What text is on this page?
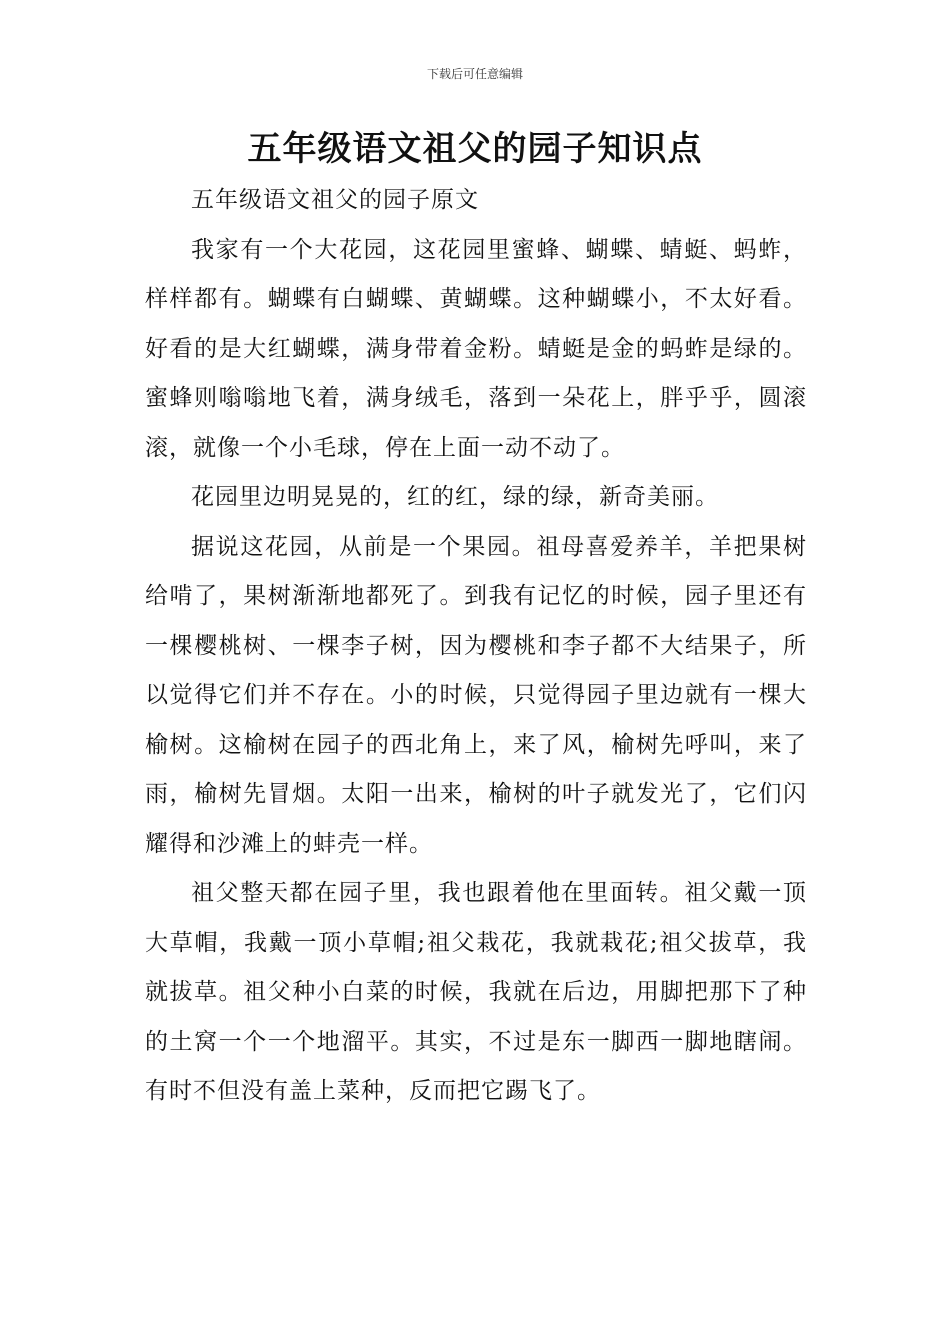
下载后可任意编辑
五年级语文祖父的园子知识点

五年级语文祖父的园子原文

我家有一个大花园，这花园里蜜蜂、蝴蝶、蜻蜓、蚂蚱，样样都有。蝴蝶有白蝴蝶、黄蝴蝶。这种蝴蝶小，不太好看。好看的是大红蝴蝶，满身带着金粉。蜻蜓是金的蚂蚱是绿的。蜜蜂则嗡嗡地飞着，满身绒毛，落到一朵花上，胖乎乎，圆滚滚，就像一个小毛球，停在上面一动不动了。

花园里边明晃晃的，红的红，绿的绿，新奇美丽。

据说这花园，从前是一个果园。祖母喜爱养羊，羊把果树给啃了，果树渐渐地都死了。到我有记忆的时候，园子里还有一棵樱桃树、一棵李子树，因为樱桃和李子都不大结果子，所以觉得它们并不存在。小的时候，只觉得园子里边就有一棵大榆树。这榆树在园子的西北角上，来了风，榆树先呼叫，来了雨，榆树先冒烟。太阳一出来，榆树的叶子就发光了，它们闪耀得和沙滩上的蚌壳一样。

祖父整天都在园子里，我也跟着他在里面转。祖父戴一顶大草帽，我戴一顶小草帽;祖父栽花，我就栽花;祖父拔草，我就拔草。祖父种小白菜的时候，我就在后边，用脚把那下了种的土窝一个一个地溜平。其实，不过是东一脚西一脚地瞎闹。有时不但没有盖上菜种，反而把它踢飞了。
